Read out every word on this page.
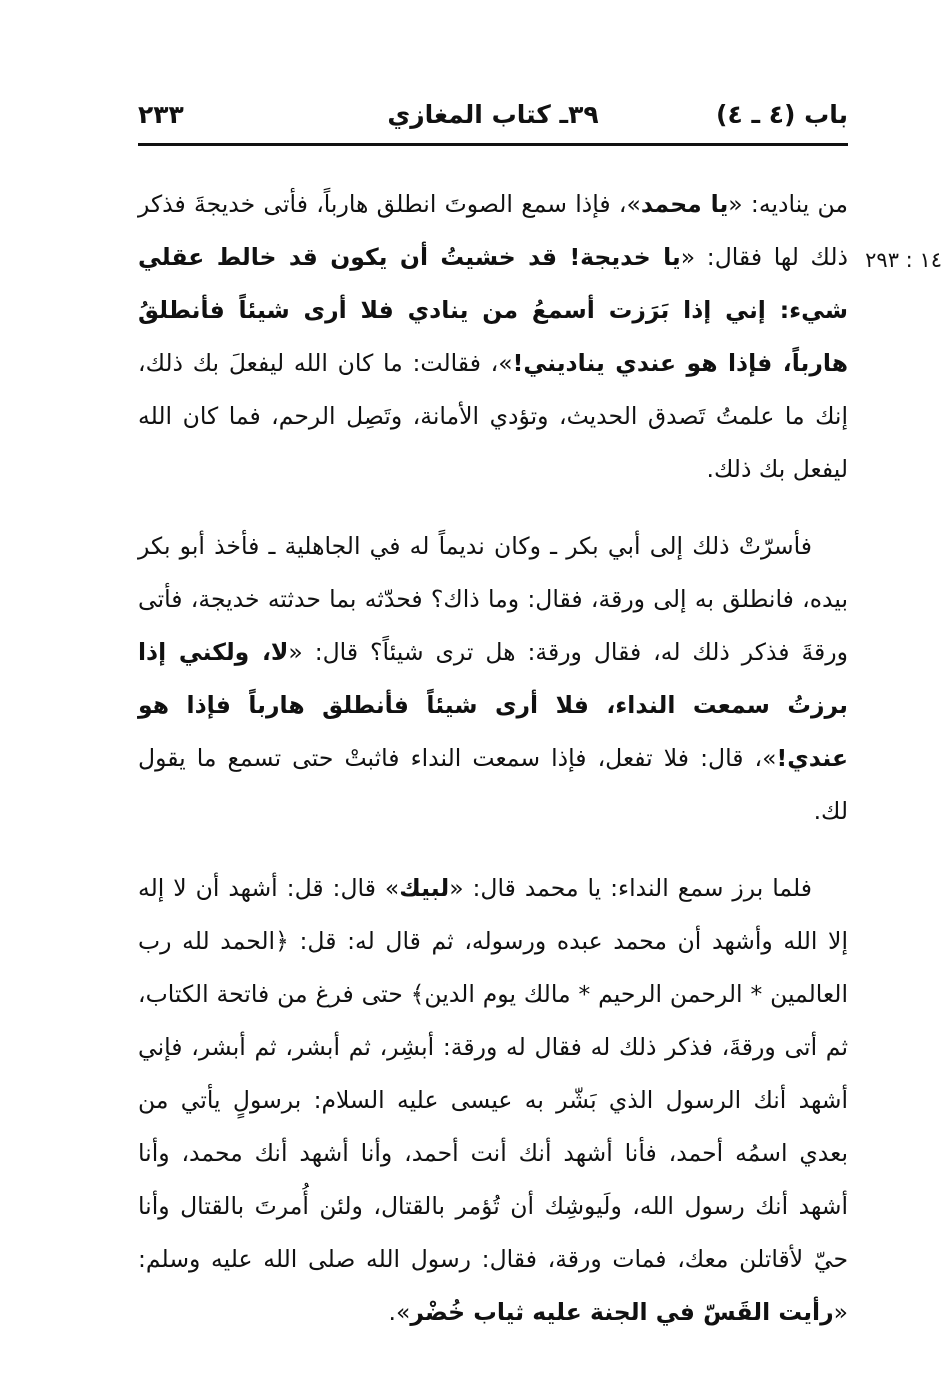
باب (٤ ـ ٤)
٣٩ـ كتاب المغازي
٢٣٣
١٤ : ٢٩٣

من يناديه: «يا محمد»، فإذا سمع الصوتَ انطلق هارباً، فأتى خديجةَ فذكر ذلك لها فقال: «يا خديجة! قد خشيتُ أن يكون قد خالط عقلي شيء: إني إذا بَرَزت أسمعُ من ينادي فلا أرى شيئاً فأنطلقُ هارباً، فإذا هو عندي يناديني!»، فقالت: ما كان الله ليفعلَ بك ذلك، إنك ما علمتُ تَصدق الحديث، وتؤدي الأمانة، وتَصِل الرحم، فما كان الله ليفعل بك ذلك.

فأسرّتْ ذلك إلى أبي بكر ـ وكان نديماً له في الجاهلية ـ فأخذ أبو بكر بيده، فانطلق به إلى ورقة، فقال: وما ذاك؟ فحدّثه بما حدثته خديجة، فأتى ورقةَ فذكر ذلك له، فقال ورقة: هل ترى شيئاً؟ قال: «لا، ولكني إذا برزتُ سمعت النداء، فلا أرى شيئاً فأنطلق هارباً فإذا هو عندي!»، قال: فلا تفعل، فإذا سمعت النداء فاثبتْ حتى تسمع ما يقول لك.

فلما برز سمع النداء: يا محمد قال: «لبيك» قال: قل: أشهد أن لا إله إلا الله وأشهد أن محمد عبده ورسوله، ثم قال له: قل: ﴿الحمد لله رب العالمين * الرحمن الرحيم * مالك يوم الدين﴾ حتى فرغ من فاتحة الكتاب، ثم أتى ورقةَ، فذكر ذلك له فقال له ورقة: أبشِر، ثم أبشر، ثم أبشر، فإني أشهد أنك الرسول الذي بَشّر به عيسى عليه السلام: برسولٍ يأتي من بعدي اسمُه أحمد، فأنا أشهد أنك أنت أحمد، وأنا أشهد أنك محمد، وأنا أشهد أنك رسول الله، ولَيوشِك أن تُؤمر بالقتال، ولئن أُمرتَ بالقتال وأنا حيّ لأقاتلن معك، فمات ورقة، فقال: رسول الله صلى الله عليه وسلم: «رأيت القَسّ في الجنة عليه ثياب خُضْر».
